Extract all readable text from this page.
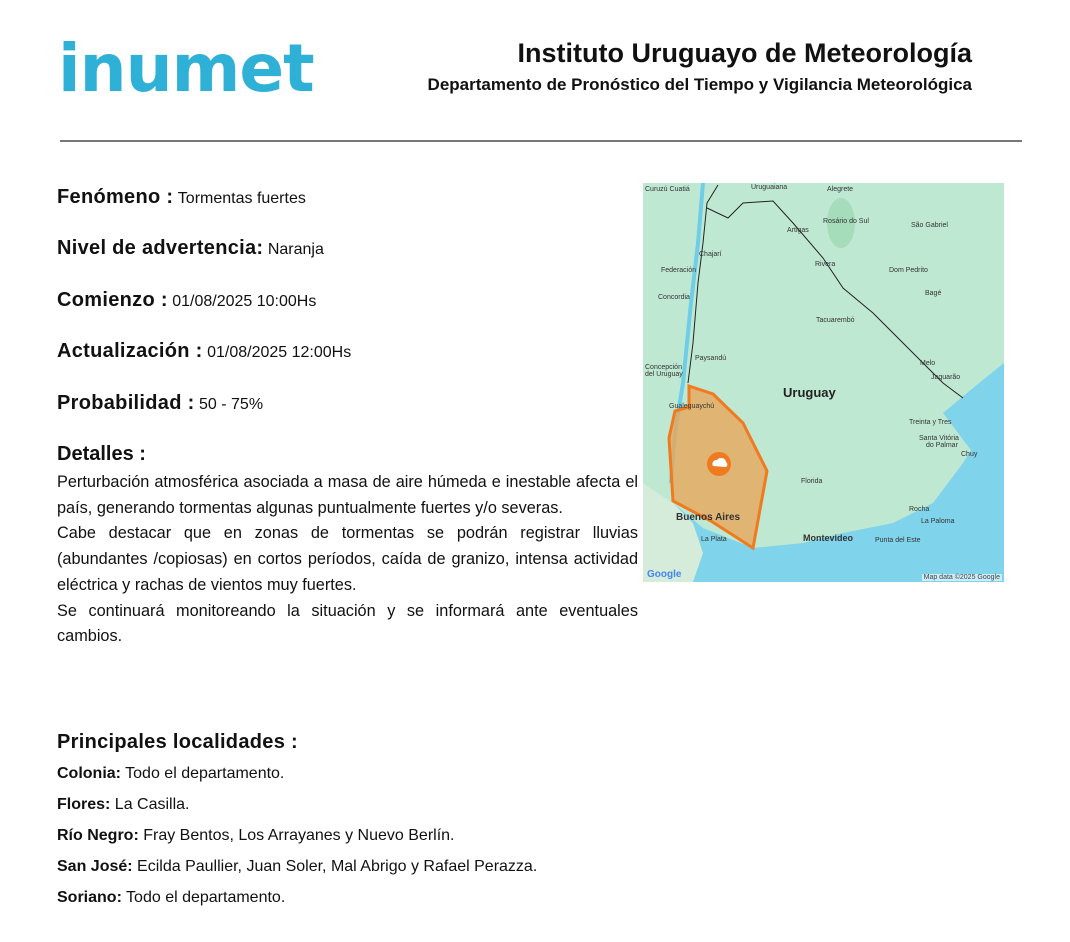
inumet	Instituto Uruguayo de Meteorología
Departamento de Pronóstico del Tiempo y Vigilancia Meteorológica
Fenómeno : Tormentas fuertes
Nivel de advertencia: Naranja
Comienzo : 01/08/2025 10:00Hs
Actualización : 01/08/2025 12:00Hs
Probabilidad : 50 - 75%
Detalles :

Perturbación atmosférica asociada a masa de aire húmeda e inestable afecta el país, generando tormentas algunas puntualmente fuertes y/o severas.

Cabe destacar que en zonas de tormentas se podrán registrar lluvias (abundantes /copiosas) en cortos períodos, caída de granizo, intensa actividad eléctrica y rachas de vientos muy fuertes.

Se continuará monitoreando la situación y se informará ante eventuales cambios.

Curuzú Cuatiá	Uruguaiana	Alegrete
Rosário do Sul
São Gabriel
Artigas
Chajarí
Federación
Rivera
Dom Pedrito
Concordia
Bagé
Tacuarembó
Paysandú
Concepción
del Uruguay
Melo
Jaguarão
Gualeguaychú
Treinta y Tres
Santa Vitória
do Palmar
Chuy
Florida
Rocha
La Paloma
La Plata	Punta del Este
Uruguay
Buenos Aires
Montevideo
Google	Map data ©2025 Google
Principales localidades :
Colonia: Todo el departamento.
Flores: La Casilla.
Río Negro: Fray Bentos, Los Arrayanes y Nuevo Berlín.
San José: Ecilda Paullier, Juan Soler, Mal Abrigo y Rafael Perazza.
Soriano: Todo el departamento.
